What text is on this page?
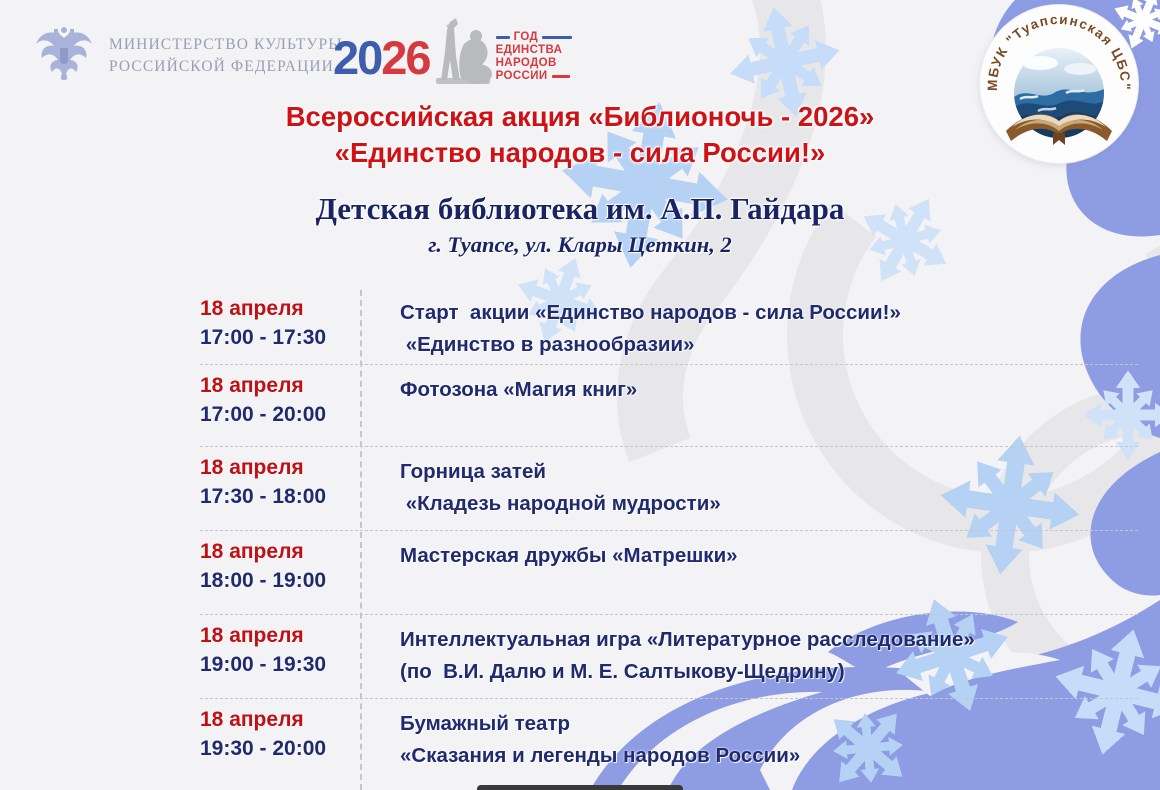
МИНИСТЕРСТВО КУЛЬТУРЫ
РОССИЙСКОЙ ФЕДЕРАЦИИ 20 26	ГОД
ЕДИНСТВА
НАРОДОВ
РОССИИ
МБУК "Туапсинская ЦБС"
Всероссийская акция «Библионочь - 2026»
«Единство народов - сила России!»
Детская библиотека им. А.П. Гайдара
г. Туапсе, ул. Клары Цеткин, 2
18 апреля
17:00 - 17:30
Старт  акции «Единство народов - сила России!»
«Единство в разнообразии»
18 апреля
17:00 - 20:00
Фотозона «Магия книг»
18 апреля
17:30 - 18:00
Горница затей
«Кладезь народной мудрости»
18 апреля
18:00 - 19:00
Мастерская дружбы «Матрешки»
18 апреля
19:00 - 19:30
Интеллектуальная игра «Литературное расследование»
(по  В.И. Далю и М. Е. Салтыкову-Щедрину)
18 апреля
19:30 - 20:00
Бумажный театр
«Сказания и легенды народов России»
